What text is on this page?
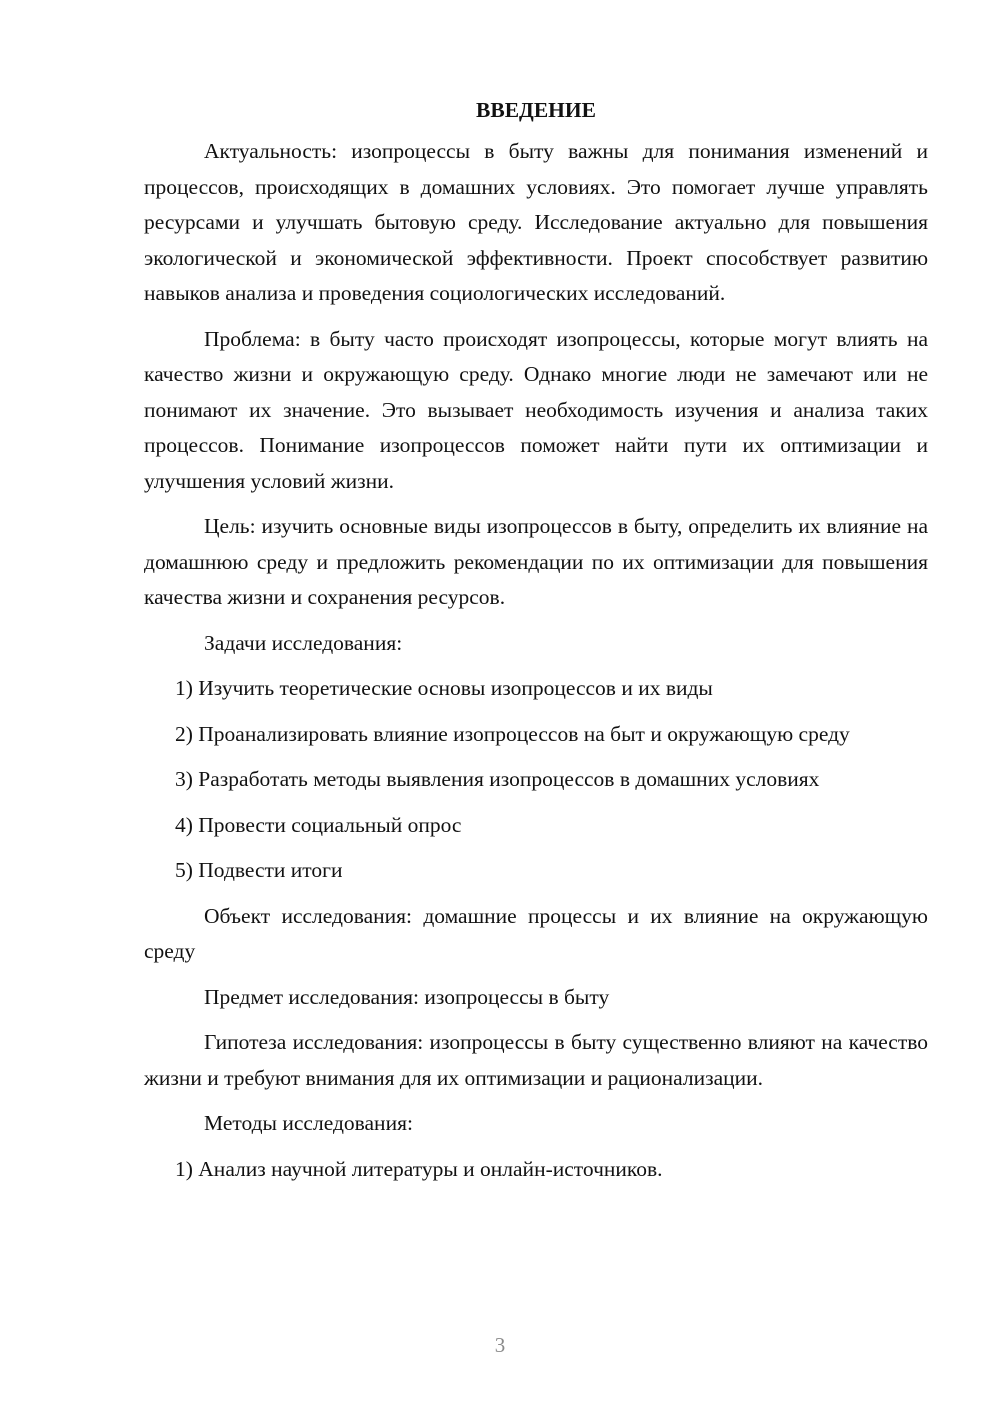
ВВЕДЕНИЕ
Актуальность: изопроцессы в быту важны для понимания изменений и процессов, происходящих в домашних условиях. Это помогает лучше управлять ресурсами и улучшать бытовую среду. Исследование актуально для повышения экологической и экономической эффективности. Проект способствует развитию навыков анализа и проведения социологических исследований.
Проблема: в быту часто происходят изопроцессы, которые могут влиять на качество жизни и окружающую среду. Однако многие люди не замечают или не понимают их значение. Это вызывает необходимость изучения и анализа таких процессов. Понимание изопроцессов поможет найти пути их оптимизации и улучшения условий жизни.
Цель: изучить основные виды изопроцессов в быту, определить их влияние на домашнюю среду и предложить рекомендации по их оптимизации для повышения качества жизни и сохранения ресурсов.
Задачи исследования:
1) Изучить теоретические основы изопроцессов и их виды
2) Проанализировать влияние изопроцессов на быт и окружающую среду
3) Разработать методы выявления изопроцессов в домашних условиях
4) Провести социальный опрос
5) Подвести итоги
Объект исследования: домашние процессы и их влияние на окружающую среду
Предмет исследования: изопроцессы в быту
Гипотеза исследования: изопроцессы в быту существенно влияют на качество жизни и требуют внимания для их оптимизации и рационализации.
Методы исследования:
1) Анализ научной литературы и онлайн-источников.
3
